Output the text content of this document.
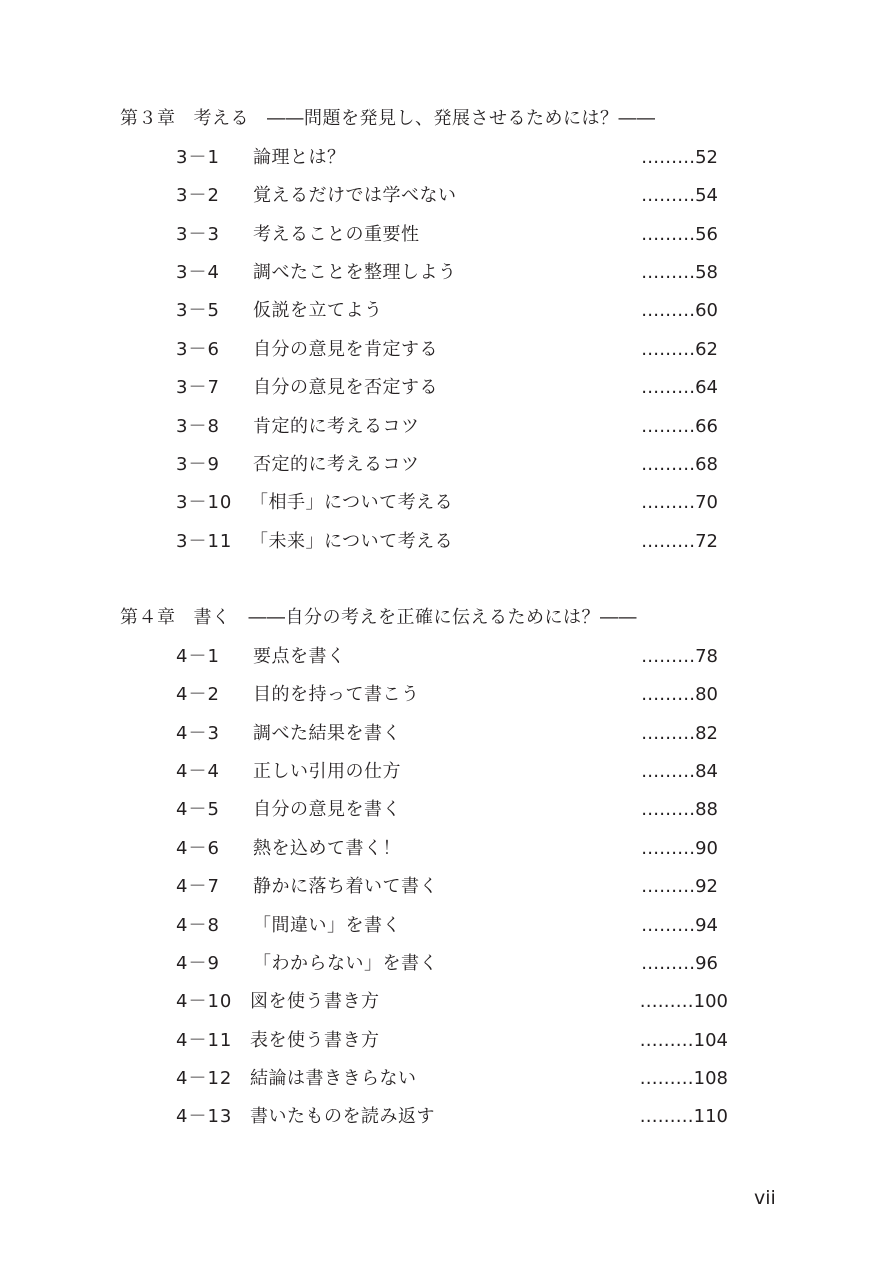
第３章 考える ――問題を発見し、発展させるためには？――
3－1 論理とは？	………52
3－2 覚えるだけでは学べない	………54
3－3 考えることの重要性	………56
3－4 調べたことを整理しよう	………58
3－5 仮説を立てよう	………60
3－6 自分の意見を肯定する	………62
3－7 自分の意見を否定する	………64
3－8 肯定的に考えるコツ	………66
3－9 否定的に考えるコツ	………68
3－10 「相手」について考える	………70
3－11 「未来」について考える	………72
第４章 書く ――自分の考えを正確に伝えるためには？――
4－1 要点を書く	………78
4－2 目的を持って書こう	………80
4－3 調べた結果を書く	………82
4－4 正しい引用の仕方	………84
4－5 自分の意見を書く	………88
4－6 熱を込めて書く！	………90
4－7 静かに落ち着いて書く	………92
4－8 「間違い」を書く	………94
4－9 「わからない」を書く	………96
4－10 図を使う書き方	………100
4－11 表を使う書き方	………104
4－12 結論は書ききらない	………108
4－13 書いたものを読み返す	………110
vii
